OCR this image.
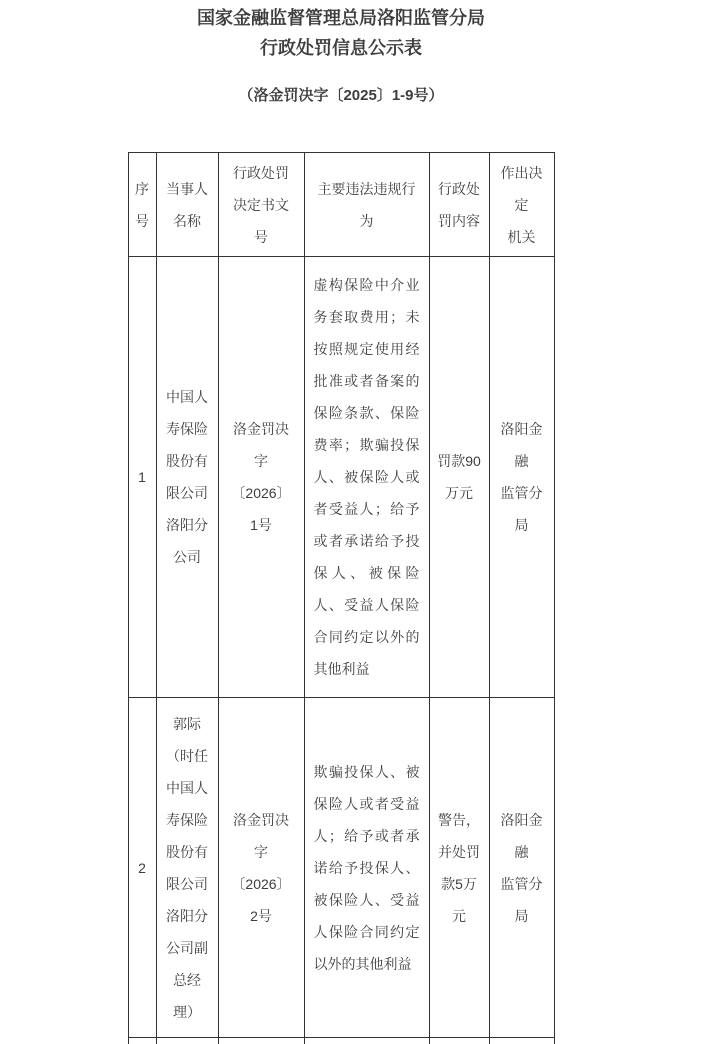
国家金融监督管理总局洛阳监管分局
行政处罚信息公示表
（洛金罚决字〔2025〕1-9号）
序
号	当事人
名称	行政处罚
决定书文
号	主要违法违规行
为	行政处
罚内容	作出决
定
机关
1	中国人
寿保险
股份有
限公司
洛阳分
公司	洛金罚决
字
〔2026〕
1号	虚构保险中介业务套取费用；未按照规定使用经批准或者备案的保险条款、保险费率；欺骗投保人、被保险人或者受益人；给予或者承诺给予投保人、被保险人、受益人保险合同约定以外的其他利益	罚款90
万元	洛阳金
融
监管分
局
2	郭际
（时任
中国人
寿保险
股份有
限公司
洛阳分
公司副
总经
理）	洛金罚决
字
〔2026〕
2号	欺骗投保人、被保险人或者受益人；给予或者承诺给予投保人、被保险人、受益人保险合同约定以外的其他利益	警告，
并处罚
款5万
元	洛阳金
融
监管分
局
